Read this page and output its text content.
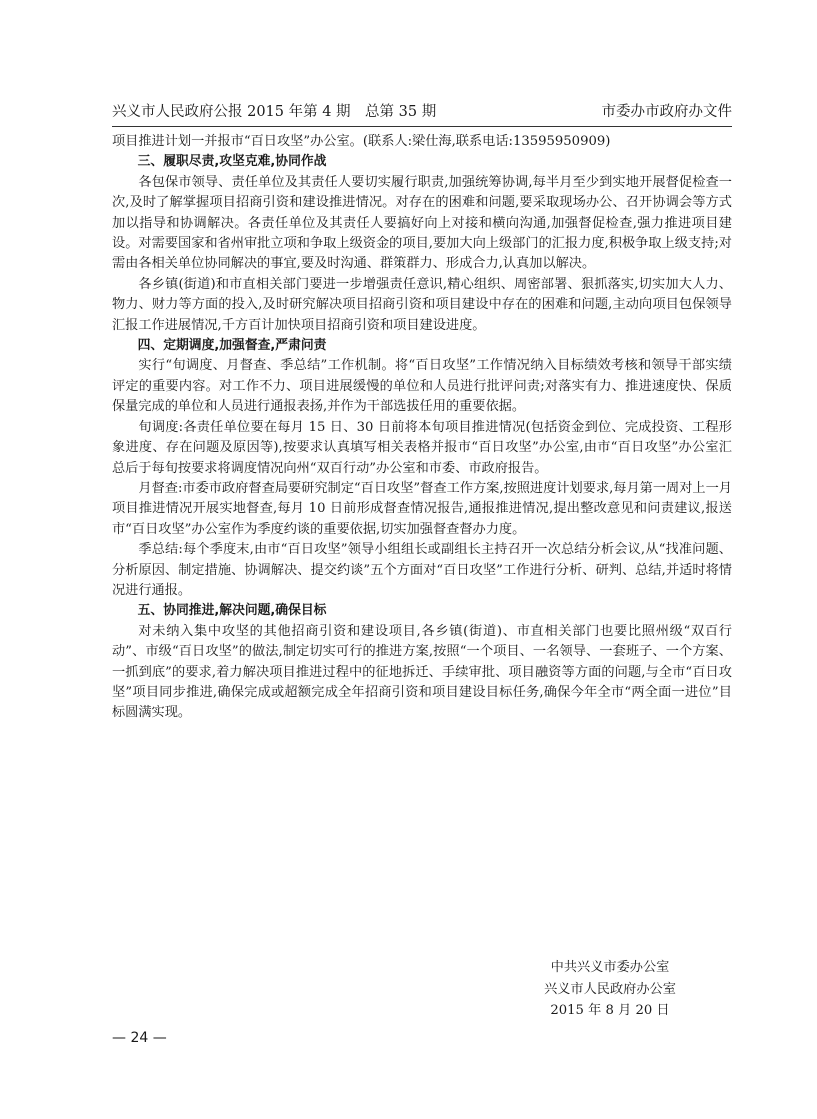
兴义市人民政府公报 2015 年第 4 期　总第 35 期	市委办市政府办文件

项目推进计划一并报市“百日攻坚”办公室。(联系人:梁仕海,联系电话:13595950909)

三、履职尽责,攻坚克难,协同作战

各包保市领导、责任单位及其责任人要切实履行职责,加强统筹协调,每半月至少到实地开展督促检查一次,及时了解掌握项目招商引资和建设推进情况。对存在的困难和问题,要采取现场办公、召开协调会等方式加以指导和协调解决。各责任单位及其责任人要搞好向上对接和横向沟通,加强督促检查,强力推进项目建设。对需要国家和省州审批立项和争取上级资金的项目,要加大向上级部门的汇报力度,积极争取上级支持;对需由各相关单位协同解决的事宜,要及时沟通、群策群力、形成合力,认真加以解决。

各乡镇(街道)和市直相关部门要进一步增强责任意识,精心组织、周密部署、狠抓落实,切实加大人力、物力、财力等方面的投入,及时研究解决项目招商引资和项目建设中存在的困难和问题,主动向项目包保领导汇报工作进展情况,千方百计加快项目招商引资和项目建设进度。

四、定期调度,加强督查,严肃问责

实行“旬调度、月督查、季总结”工作机制。将“百日攻坚”工作情况纳入目标绩效考核和领导干部实绩评定的重要内容。对工作不力、项目进展缓慢的单位和人员进行批评问责;对落实有力、推进速度快、保质保量完成的单位和人员进行通报表扬,并作为干部选拔任用的重要依据。

旬调度:各责任单位要在每月 15 日、30 日前将本旬项目推进情况(包括资金到位、完成投资、工程形象进度、存在问题及原因等),按要求认真填写相关表格并报市“百日攻坚”办公室,由市“百日攻坚”办公室汇总后于每旬按要求将调度情况向州“双百行动”办公室和市委、市政府报告。

月督查:市委市政府督查局要研究制定“百日攻坚”督查工作方案,按照进度计划要求,每月第一周对上一月项目推进情况开展实地督查,每月 10 日前形成督查情况报告,通报推进情况,提出整改意见和问责建议,报送市“百日攻坚”办公室作为季度约谈的重要依据,切实加强督查督办力度。

季总结:每个季度末,由市“百日攻坚”领导小组组长或副组长主持召开一次总结分析会议,从“找准问题、分析原因、制定措施、协调解决、提交约谈”五个方面对“百日攻坚”工作进行分析、研判、总结,并适时将情况进行通报。

五、协同推进,解决问题,确保目标

对未纳入集中攻坚的其他招商引资和建设项目,各乡镇(街道)、市直相关部门也要比照州级“双百行动”、市级“百日攻坚”的做法,制定切实可行的推进方案,按照“一个项目、一名领导、一套班子、一个方案、一抓到底”的要求,着力解决项目推进过程中的征地拆迁、手续审批、项目融资等方面的问题,与全市“百日攻坚”项目同步推进,确保完成或超额完成全年招商引资和项目建设目标任务,确保今年全市“两全面一进位”目标圆满实现。

中共兴义市委办公室
兴义市人民政府办公室
2015 年 8 月 20 日
— 24 —
